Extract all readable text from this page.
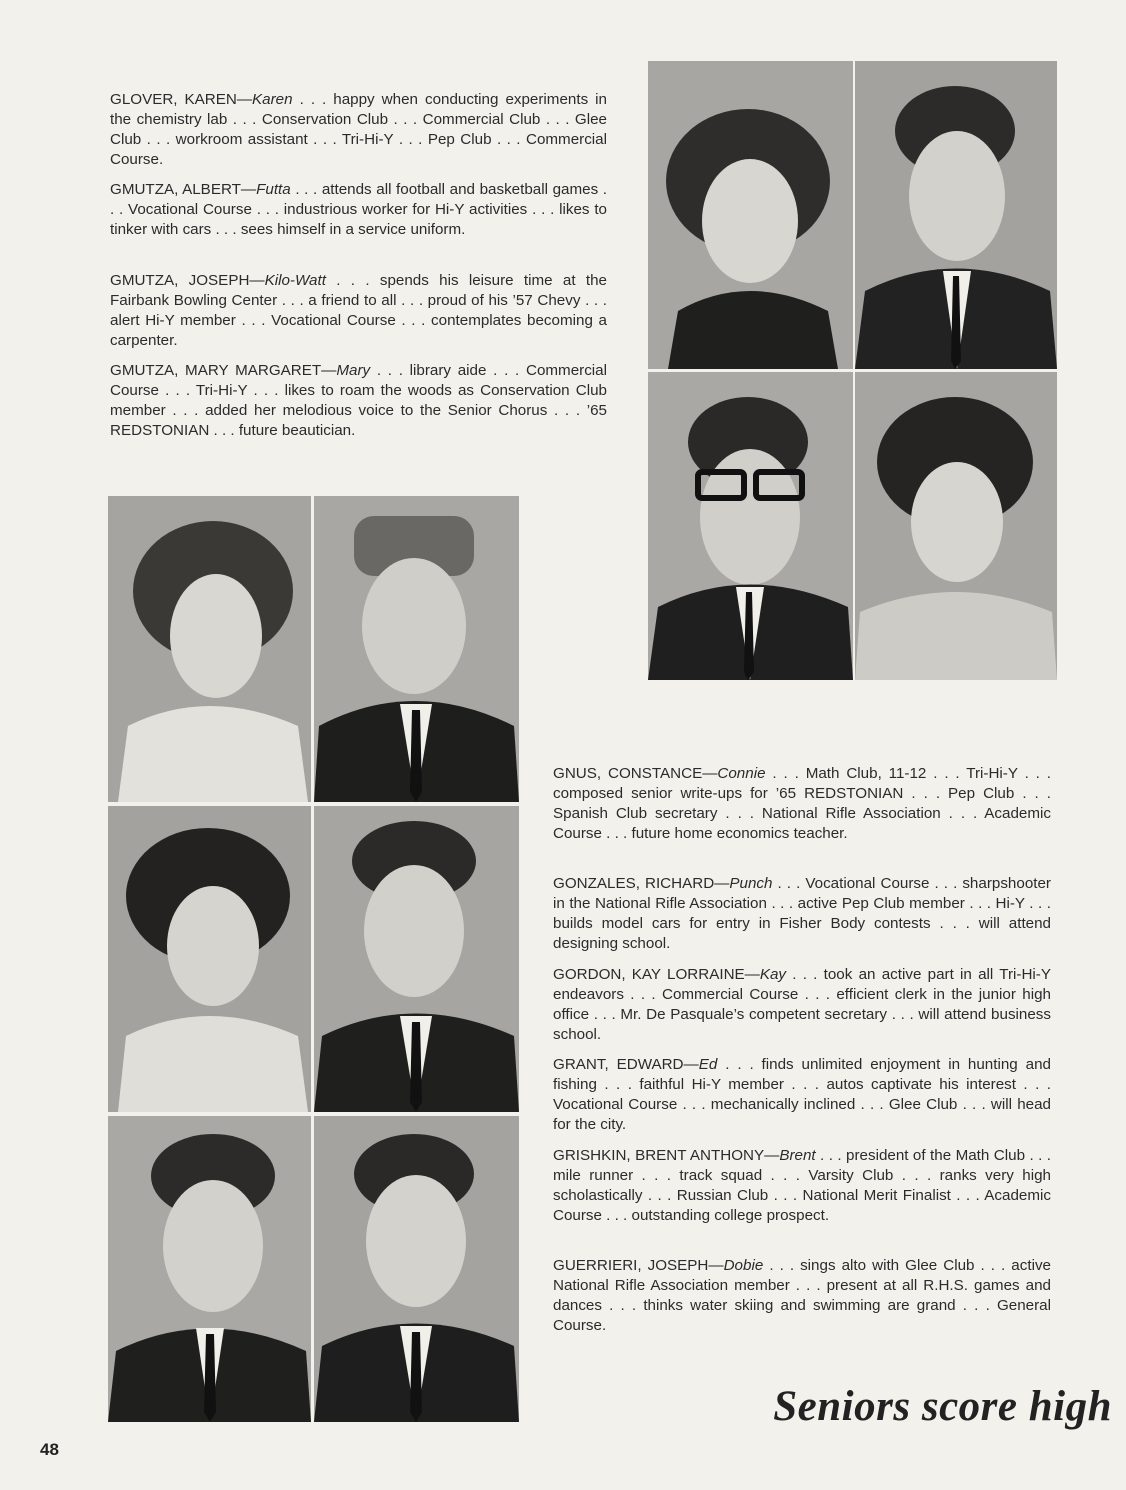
GLOVER, KAREN—Karen . . . happy when conducting experiments in the chemistry lab . . . Conservation Club . . . Commercial Club . . . Glee Club . . . workroom assistant . . . Tri-Hi-Y . . . Pep Club . . . Commercial Course.

GMUTZA, ALBERT—Futta . . . attends all football and basketball games . . . Vocational Course . . . industrious worker for Hi-Y activities . . . likes to tinker with cars . . . sees himself in a service uniform.

GMUTZA, JOSEPH—Kilo-Watt . . . spends his leisure time at the Fairbank Bowling Center . . . a friend to all . . . proud of his ’57 Chevy . . . alert Hi-Y member . . . Vocational Course . . . contemplates becoming a carpenter.

GMUTZA, MARY MARGARET—Mary . . . library aide . . . Commercial Course . . . Tri-Hi-Y . . . likes to roam the woods as Conservation Club member . . . added her melodious voice to the Senior Chorus . . . ’65 REDSTONIAN . . . future beautician.

GNUS, CONSTANCE—Connie . . . Math Club, 11-12 . . . Tri-Hi-Y . . . composed senior write-ups for ’65 REDSTONIAN . . . Pep Club . . . Spanish Club secretary . . . National Rifle Association . . . Academic Course . . . future home economics teacher.

GONZALES, RICHARD—Punch . . . Vocational Course . . . sharpshooter in the National Rifle Association . . . active Pep Club member . . . Hi-Y . . . builds model cars for entry in Fisher Body contests . . . will attend designing school.

GORDON, KAY LORRAINE—Kay . . . took an active part in all Tri-Hi-Y endeavors . . . Commercial Course . . . efficient clerk in the junior high office . . . Mr. De Pasquale’s competent secretary . . . will attend business school.

GRANT, EDWARD—Ed . . . finds unlimited enjoyment in hunting and fishing . . . faithful Hi-Y member . . . autos captivate his interest . . . Vocational Course . . . mechanically inclined . . . Glee Club . . . will head for the city.

GRISHKIN, BRENT ANTHONY—Brent . . . president of the Math Club . . . mile runner . . . track squad . . . Varsity Club . . . ranks very high scholastically . . . Russian Club . . . National Merit Finalist . . . Academic Course . . . outstanding college prospect.

GUERRIERI, JOSEPH—Dobie . . . sings alto with Glee Club . . . active National Rifle Association member . . . present at all R.H.S. games and dances . . . thinks water skiing and swimming are grand . . . General Course.

Seniors score high
48
